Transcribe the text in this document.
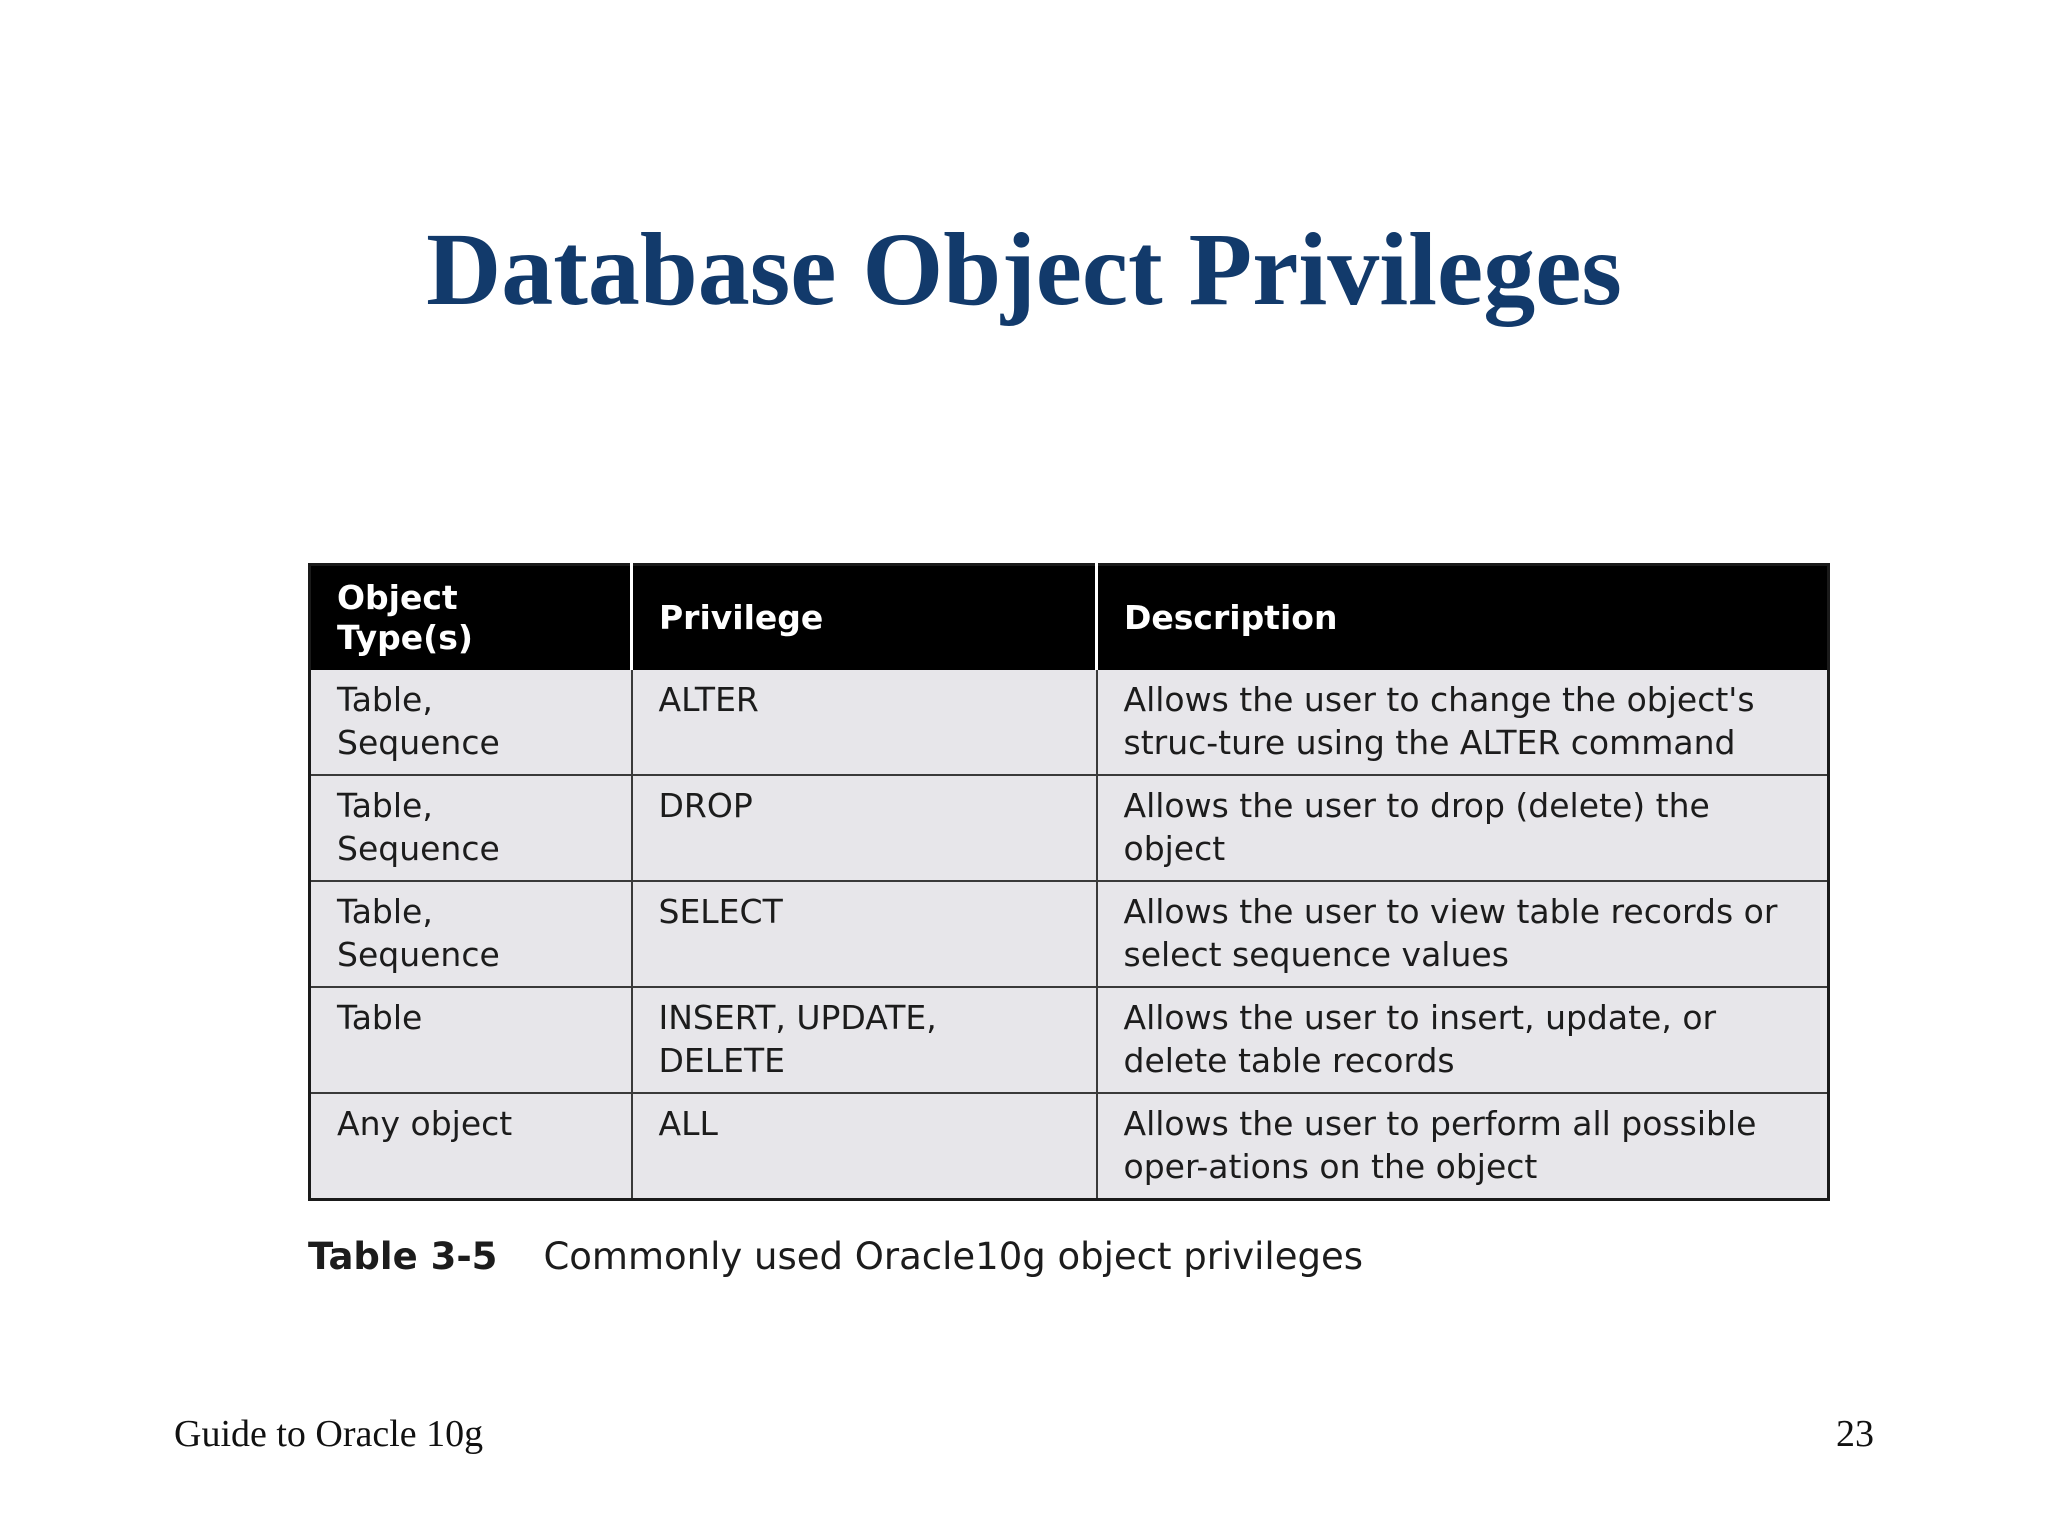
Database Object Privileges
Object Type(s)	Privilege	Description
Table, Sequence	ALTER	Allows the user to change the object's struc-ture using the ALTER command
Table, Sequence	DROP	Allows the user to drop (delete) the object
Table, Sequence	SELECT	Allows the user to view table records or select sequence values
Table	INSERT, UPDATE, DELETE	Allows the user to insert, update, or delete table records
Any object	ALL	Allows the user to perform all possible oper-ations on the object
Table 3-5 Commonly used Oracle10g object privileges
Guide to Oracle 10g	23
